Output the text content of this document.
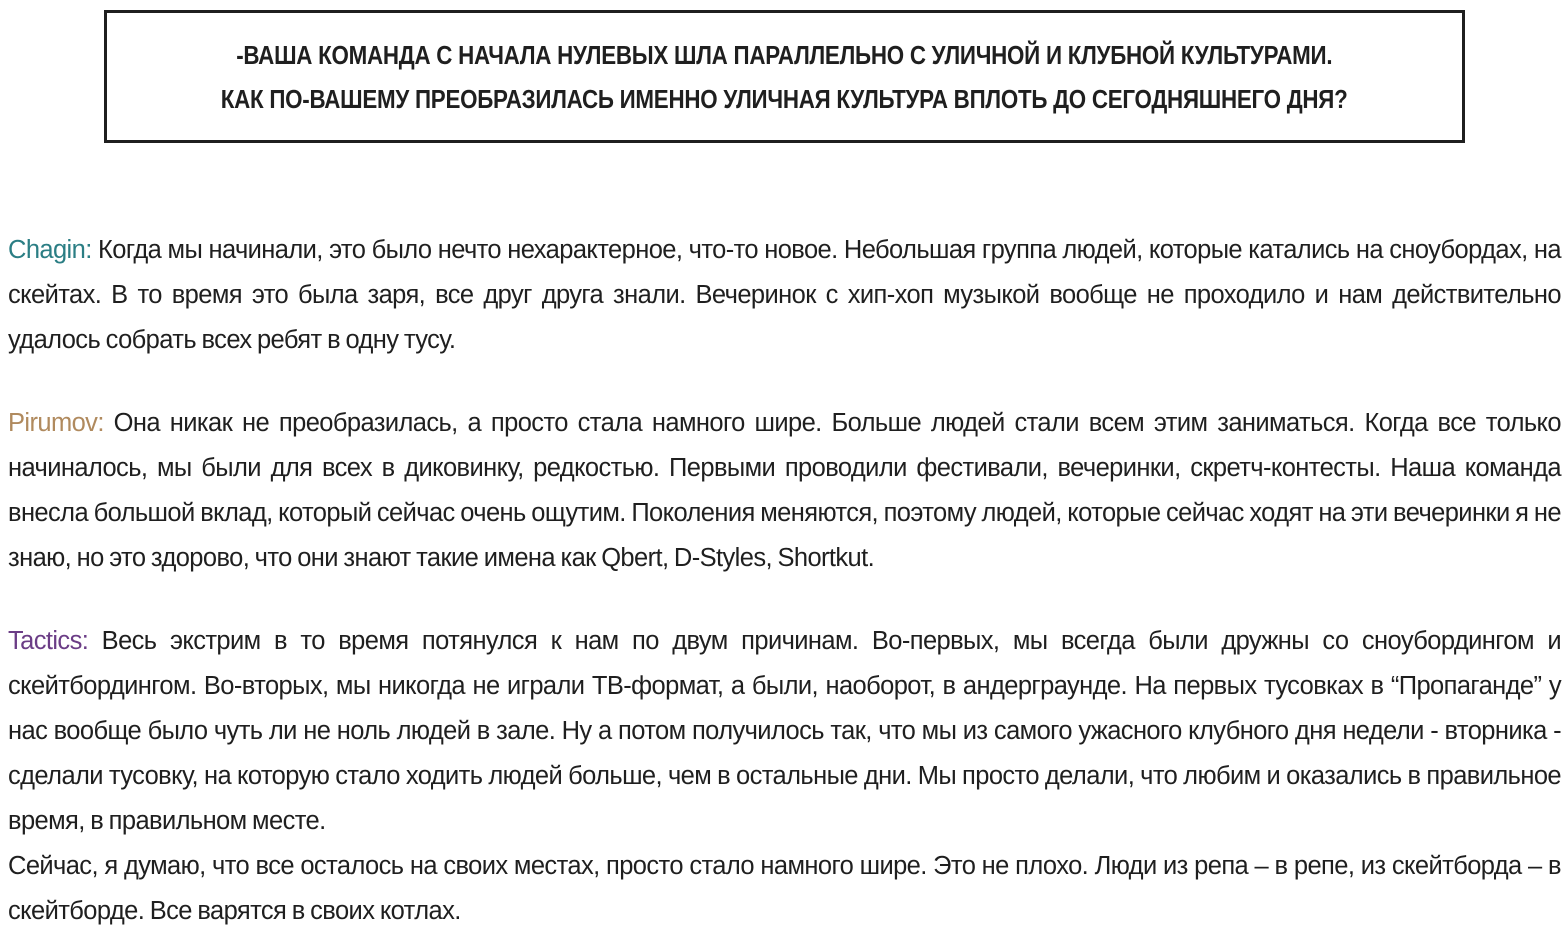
-ВАША КОМАНДА С НАЧАЛА НУЛЕВЫХ ШЛА ПАРАЛЛЕЛЬНО С УЛИЧНОЙ И КЛУБНОЙ КУЛЬТУРАМИ.
КАК ПО-ВАШЕМУ ПРЕОБРАЗИЛАСЬ ИМЕННО УЛИЧНАЯ КУЛЬТУРА ВПЛОТЬ ДО СЕГОДНЯШНЕГО ДНЯ?

Chagin: Когда мы начинали, это было нечто нехарактерное, что-то новое. Небольшая группа людей, которые катались на сноубордах, на скейтах. В то время это была заря, все друг друга знали. Вечеринок с хип-хоп музыкой вообще не проходило и нам действительно удалось собрать всех ребят в одну тусу.

Pirumov: Она никак не преобразилась, а просто стала намного шире. Больше людей стали всем этим заниматься. Когда все только начиналось, мы были для всех в диковинку, редкостью. Первыми проводили фестивали, вечеринки, скретч-контесты. Наша команда внесла большой вклад, который сейчас очень ощутим. Поколения меняются, поэтому людей, которые сейчас ходят на эти вечеринки я не знаю, но это здорово, что они знают такие имена как Qbert, D-Styles, Shortkut.

Tactics: Весь экстрим в то время потянулся к нам по двум причинам. Во-первых, мы всегда были дружны со сноубордингом и скейтбордингом. Во-вторых, мы никогда не играли ТВ-формат, а были, наоборот, в андерграунде. На первых тусовках в “Пропаганде” у нас вообще было чуть ли не ноль людей в зале. Ну а потом получилось так, что мы из самого ужасного клубного дня недели - вторника - сделали тусовку, на которую стало ходить людей больше, чем в остальные дни. Мы просто делали, что любим и оказались в правильное время, в правильном месте.

Сейчас, я думаю, что все осталось на своих местах, просто стало намного шире. Это не плохо. Люди из репа – в репе, из скейтборда – в скейтборде. Все варятся в своих котлах.
